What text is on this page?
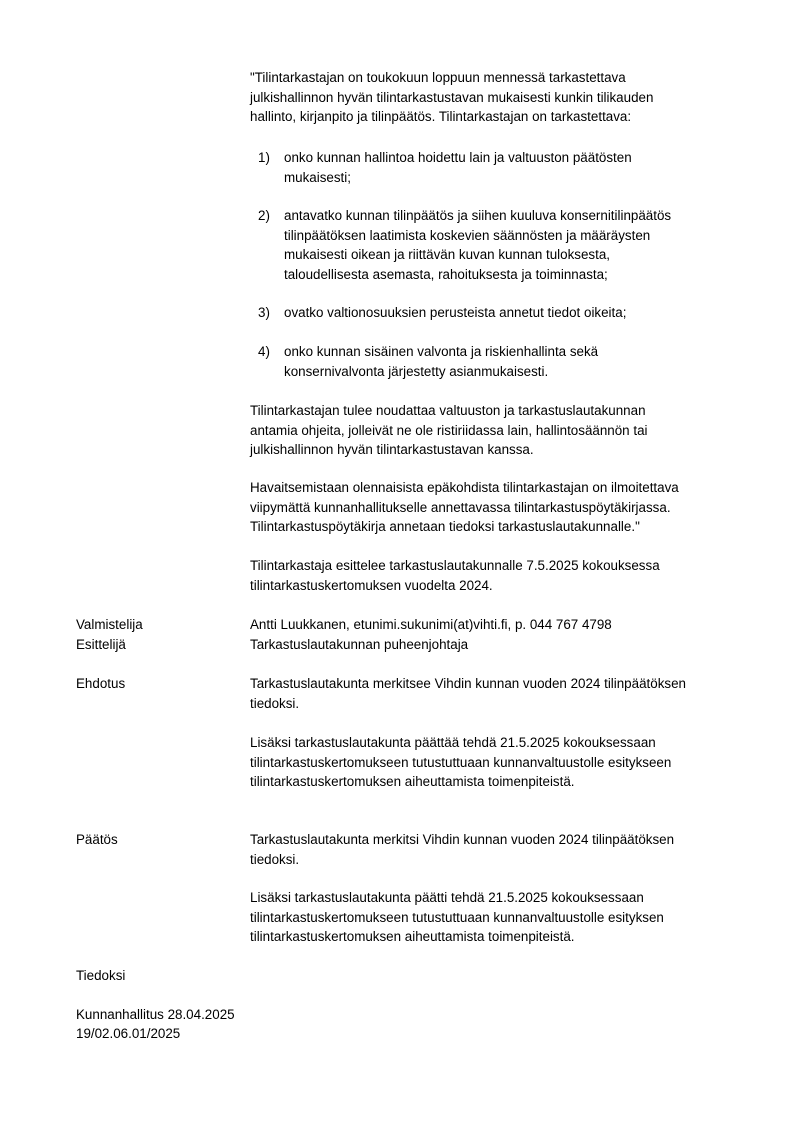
"Tilintarkastajan on toukokuun loppuun mennessä tarkastettava
julkishallinnon hyvän tilintarkastustavan mukaisesti kunkin tilikauden
hallinto, kirjanpito ja tilinpäätös. Tilintarkastajan on tarkastettava:

1) onko kunnan hallintoa hoidettu lain ja valtuuston päätösten
mukaisesti;
2) antavatko kunnan tilinpäätös ja siihen kuuluva konsernitilinpäätös
tilinpäätöksen laatimista koskevien säännösten ja määräysten
mukaisesti oikean ja riittävän kuvan kunnan tuloksesta,
taloudellisesta asemasta, rahoituksesta ja toiminnasta;
3) ovatko valtionosuuksien perusteista annetut tiedot oikeita;
4) onko kunnan sisäinen valvonta ja riskienhallinta sekä
konsernivalvonta järjestetty asianmukaisesti.

Tilintarkastajan tulee noudattaa valtuuston ja tarkastuslautakunnan
antamia ohjeita, jolleivät ne ole ristiriidassa lain, hallintosäännön tai
julkishallinnon hyvän tilintarkastustavan kanssa.

Havaitsemistaan olennaisista epäkohdista tilintarkastajan on ilmoitettava
viipymättä kunnanhallitukselle annettavassa tilintarkastuspöytäkirjassa.
Tilintarkastuspöytäkirja annetaan tiedoksi tarkastuslautakunnalle."

Tilintarkastaja esittelee tarkastuslautakunnalle 7.5.2025 kokouksessa
tilintarkastuskertomuksen vuodelta 2024.

Valmistelija	Antti Luukkanen, etunimi.sukunimi(at)vihti.fi, p. 044 767 4798
Esittelijä	Tarkastuslautakunnan puheenjohtaja
Ehdotus	Tarkastuslautakunta merkitsee Vihdin kunnan vuoden 2024 tilinpäätöksen
tiedoksi.

Lisäksi tarkastuslautakunta päättää tehdä 21.5.2025 kokouksessaan
tilintarkastuskertomukseen tutustuttuaan kunnanvaltuustolle esitykseen
tilintarkastuskertomuksen aiheuttamista toimenpiteistä.

Päätös	Tarkastuslautakunta merkitsi Vihdin kunnan vuoden 2024 tilinpäätöksen
tiedoksi.

Lisäksi tarkastuslautakunta päätti tehdä 21.5.2025 kokouksessaan
tilintarkastuskertomukseen tutustuttuaan kunnanvaltuustolle esityksen
tilintarkastuskertomuksen aiheuttamista toimenpiteistä.

Tiedoksi
Kunnanhallitus 28.04.2025
19/02.06.01/2025
